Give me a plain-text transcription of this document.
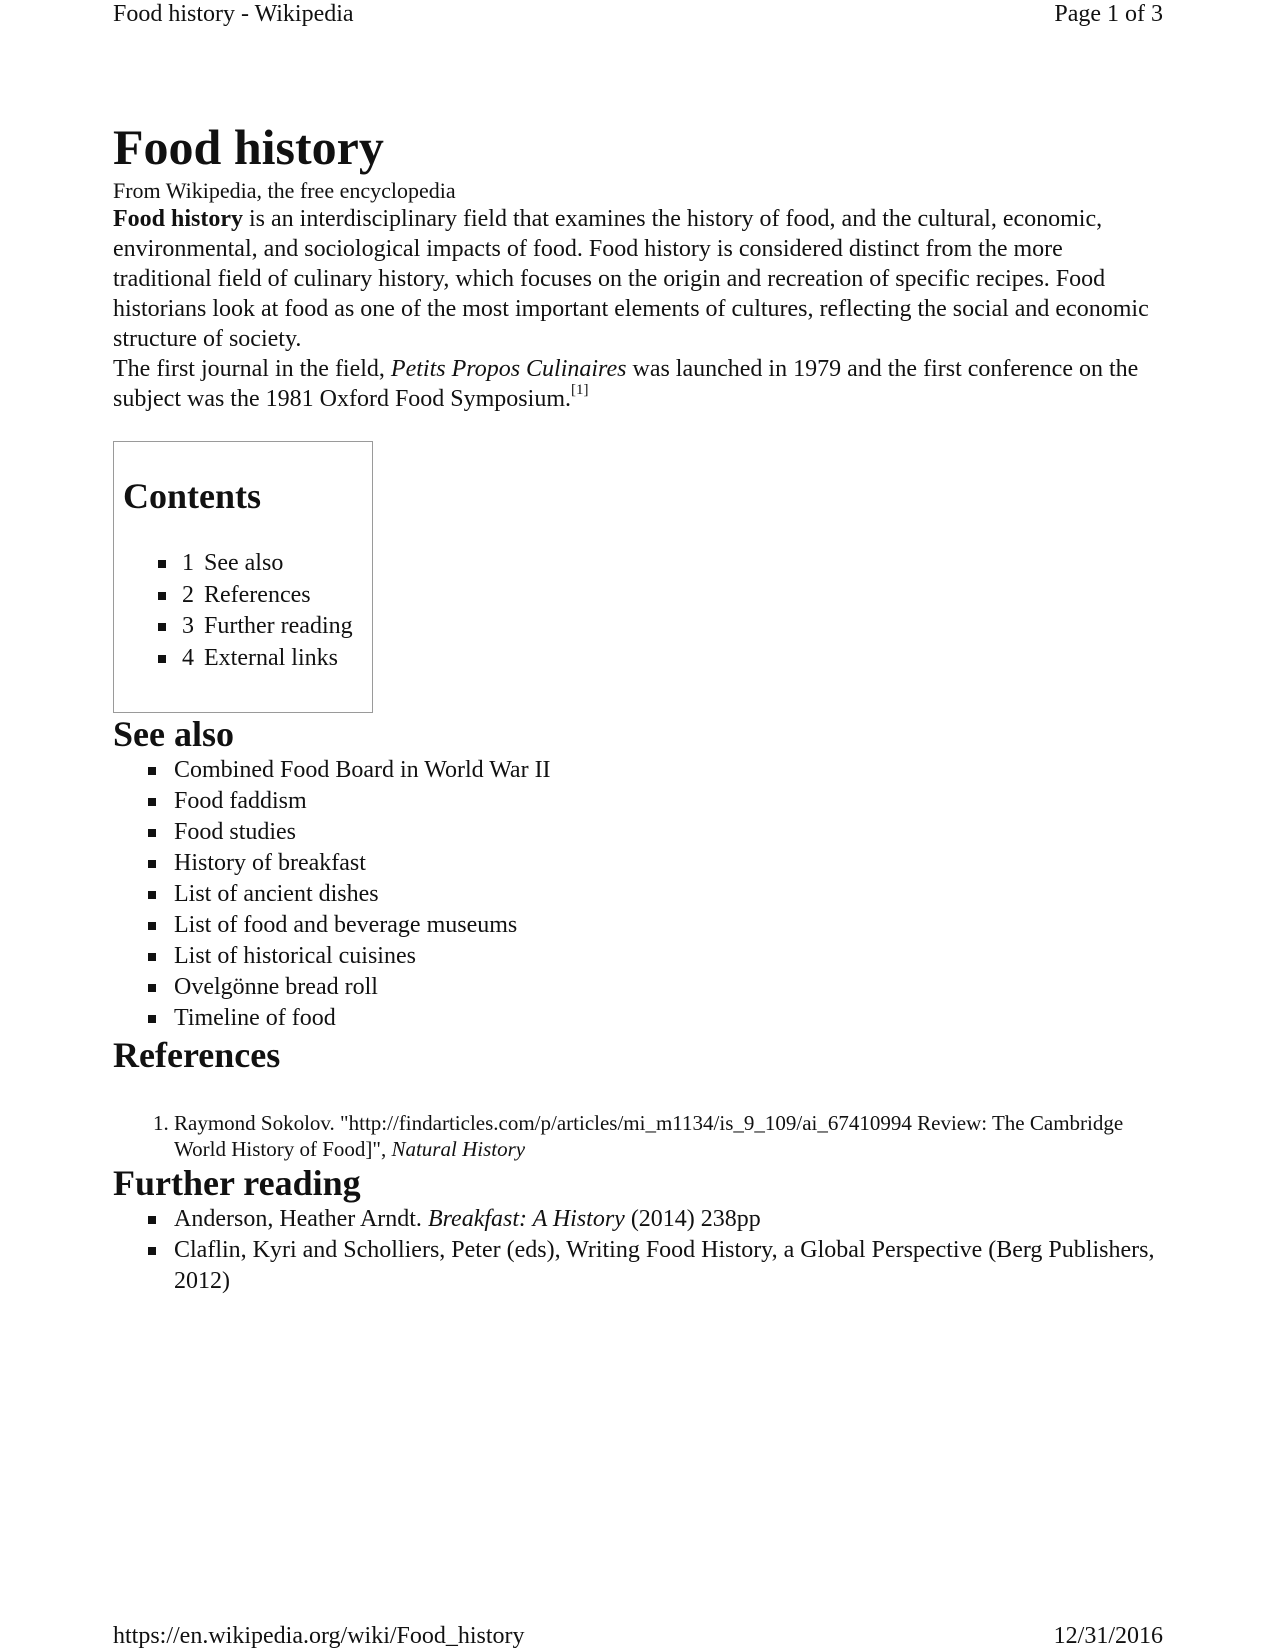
Food history - Wikipedia	Page 1 of 3
Food history
From Wikipedia, the free encyclopedia

Food history is an interdisciplinary field that examines the history of food, and the cultural, economic, environmental, and sociological impacts of food. Food history is considered distinct from the more traditional field of culinary history, which focuses on the origin and recreation of specific recipes. Food historians look at food as one of the most important elements of cultures, reflecting the social and economic structure of society.

The first journal in the field, Petits Propos Culinaires was launched in 1979 and the first conference on the subject was the 1981 Oxford Food Symposium.[1]

Contents
1 See also
2 References
3 Further reading
4 External links
See also
Combined Food Board in World War II
Food faddism
Food studies
History of breakfast
List of ancient dishes
List of food and beverage museums
List of historical cuisines
Ovelgönne bread roll
Timeline of food
References
1. Raymond Sokolov. "http://findarticles.com/p/articles/mi_m1134/is_9_109/ai_67410994 Review: The Cambridge World History of Food]", Natural History
Further reading
Anderson, Heather Arndt. Breakfast: A History (2014) 238pp
Claflin, Kyri and Scholliers, Peter (eds), Writing Food History, a Global Perspective (Berg Publishers, 2012)
https://en.wikipedia.org/wiki/Food_history	12/31/2016
